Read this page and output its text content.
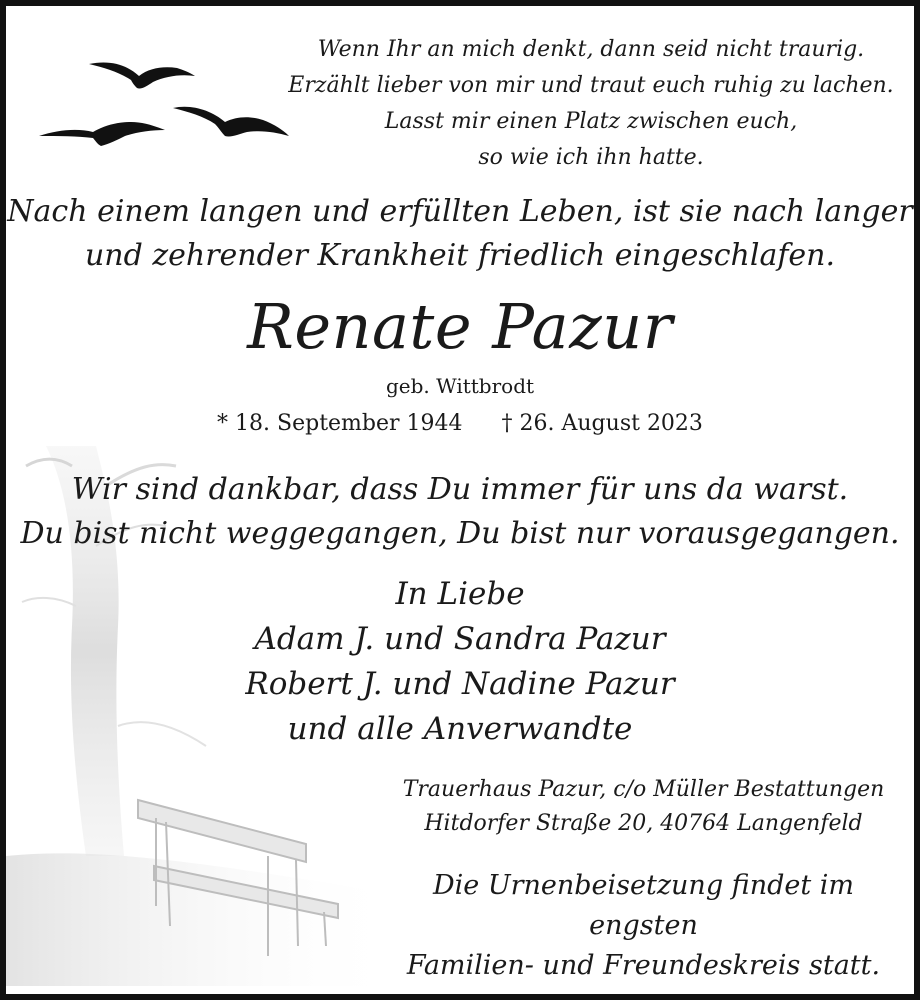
Wenn Ihr an mich denkt, dann seid nicht traurig.
Erzählt lieber von mir und traut euch ruhig zu lachen.
Lasst mir einen Platz zwischen euch,
so wie ich ihn hatte.
Nach einem langen und erfüllten Leben, ist sie nach langer
und zehrender Krankheit friedlich eingeschlafen.
Renate Pazur
geb. Wittbrodt
* 18. September 1944 † 26. August 2023
Wir sind dankbar, dass Du immer für uns da warst.
Du bist nicht weggegangen, Du bist nur vorausgegangen.
In Liebe
Adam J. und Sandra Pazur
Robert J. und Nadine Pazur
und alle Anverwandte
Trauerhaus Pazur, c/o Müller Bestattungen
Hitdorfer Straße 20, 40764 Langenfeld
Die Urnenbeisetzung findet im engsten
Familien- und Freundeskreis statt.
